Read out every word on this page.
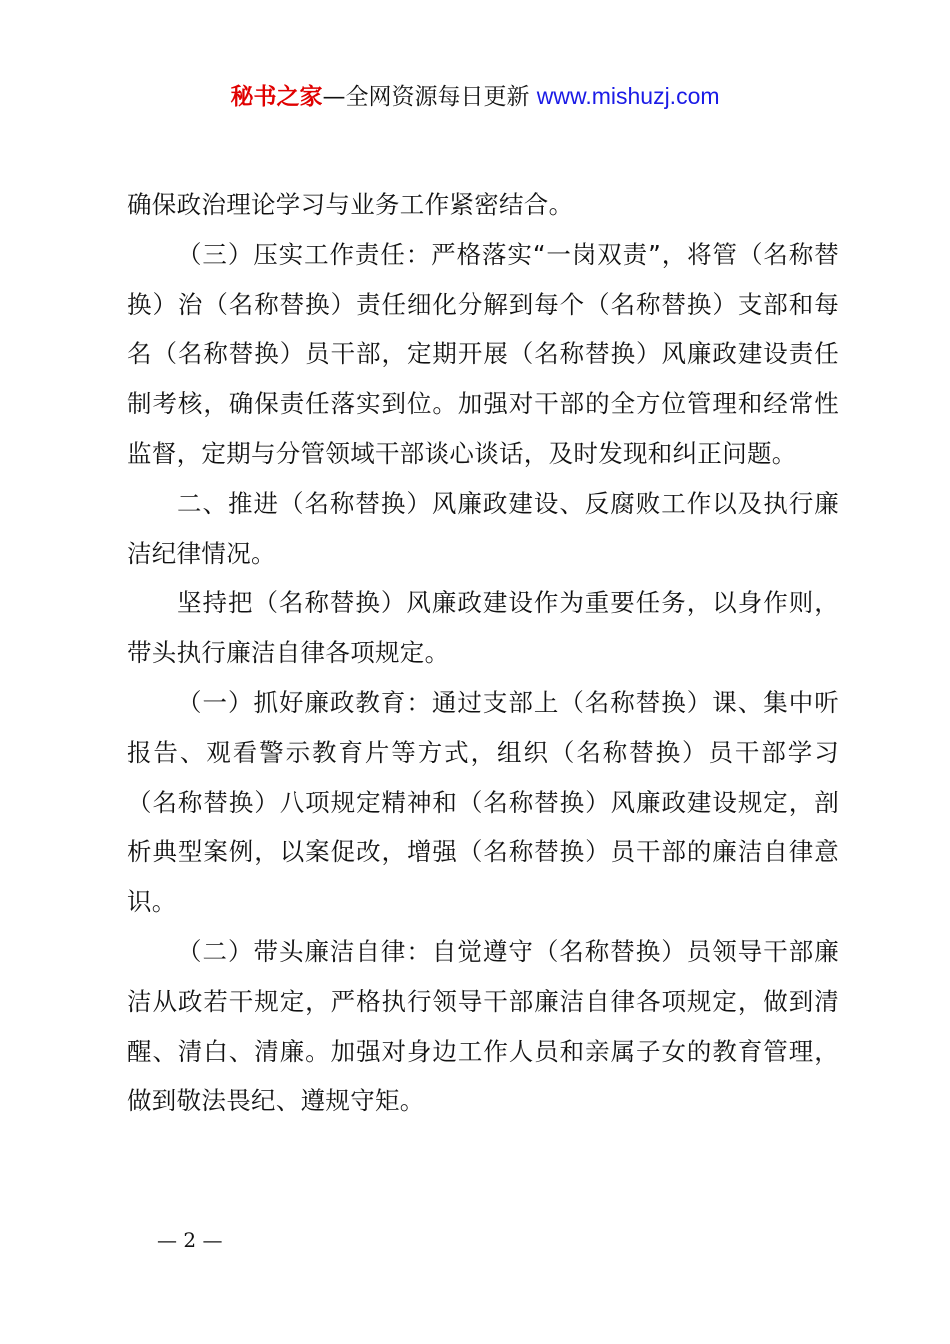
秘书之家—全网资源每日更新 www.mishuzj.com

确保政治理论学习与业务工作紧密结合。

（三）压实工作责任：严格落实“一岗双责”，将管（名称替换）治（名称替换）责任细化分解到每个（名称替换）支部和每名（名称替换）员干部，定期开展（名称替换）风廉政建设责任制考核，确保责任落实到位。加强对干部的全方位管理和经常性监督，定期与分管领域干部谈心谈话，及时发现和纠正问题。

二、推进（名称替换）风廉政建设、反腐败工作以及执行廉洁纪律情况。

坚持把（名称替换）风廉政建设作为重要任务，以身作则，带头执行廉洁自律各项规定。

（一）抓好廉政教育：通过支部上（名称替换）课、集中听报告、观看警示教育片等方式，组织（名称替换）员干部学习（名称替换）八项规定精神和（名称替换）风廉政建设规定，剖析典型案例，以案促改，增强（名称替换）员干部的廉洁自律意识。

（二）带头廉洁自律：自觉遵守（名称替换）员领导干部廉洁从政若干规定，严格执行领导干部廉洁自律各项规定，做到清醒、清白、清廉。加强对身边工作人员和亲属子女的教育管理，做到敬法畏纪、遵规守矩。

— 2 —
